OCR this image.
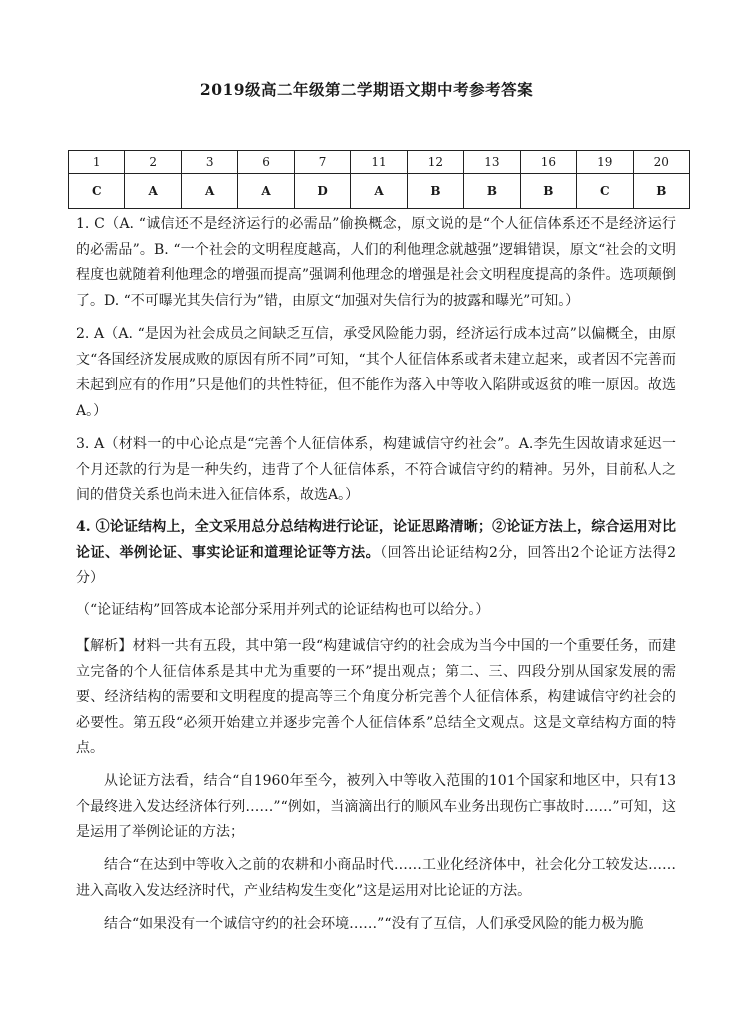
2019级高二年级第二学期语文期中考参考答案
1	2	3	6	7	11	12	13	16	19	20
C	A	A	A	D	A	B	B	B	C	B

1. C（A. “诚信还不是经济运行的必需品”偷换概念，原文说的是“个人征信体系还不是经济运行的必需品”。B. “一个社会的文明程度越高，人们的利他理念就越强”逻辑错误，原文“社会的文明程度也就随着利他理念的增强而提高”强调利他理念的增强是社会文明程度提高的条件。选项颠倒了。D. “不可曝光其失信行为”错，由原文“加强对失信行为的披露和曝光”可知。）

2. A（A. “是因为社会成员之间缺乏互信，承受风险能力弱，经济运行成本过高”以偏概全，由原文“各国经济发展成败的原因有所不同”可知，“其个人征信体系或者未建立起来，或者因不完善而未起到应有的作用”只是他们的共性特征，但不能作为落入中等收入陷阱或返贫的唯一原因。故选A。）

3. A（材料一的中心论点是“完善个人征信体系，构建诚信守约社会”。A.李先生因故请求延迟一个月还款的行为是一种失约，违背了个人征信体系，不符合诚信守约的精神。另外，目前私人之间的借贷关系也尚未进入征信体系，故选A。）

4. ①论证结构上，全文采用总分总结构进行论证，论证思路清晰；②论证方法上，综合运用对比论证、举例论证、事实论证和道理论证等方法。（回答出论证结构2分，回答出2个论证方法得2分）

（“论证结构”回答成本论部分采用并列式的论证结构也可以给分。）

【解析】材料一共有五段，其中第一段“构建诚信守约的社会成为当今中国的一个重要任务，而建立完备的个人征信体系是其中尤为重要的一环”提出观点；第二、三、四段分别从国家发展的需要、经济结构的需要和文明程度的提高等三个角度分析完善个人征信体系，构建诚信守约社会的必要性。第五段“必须开始建立并逐步完善个人征信体系”总结全文观点。这是文章结构方面的特点。

从论证方法看，结合“自1960年至今，被列入中等收入范围的101个国家和地区中，只有13个最终进入发达经济体行列……”“例如，当滴滴出行的顺风车业务出现伤亡事故时……”可知，这是运用了举例论证的方法；

结合“在达到中等收入之前的农耕和小商品时代……工业化经济体中，社会化分工较发达……进入高收入发达经济时代，产业结构发生变化”这是运用对比论证的方法。

结合“如果没有一个诚信守约的社会环境……”“没有了互信，人们承受风险的能力极为脆
